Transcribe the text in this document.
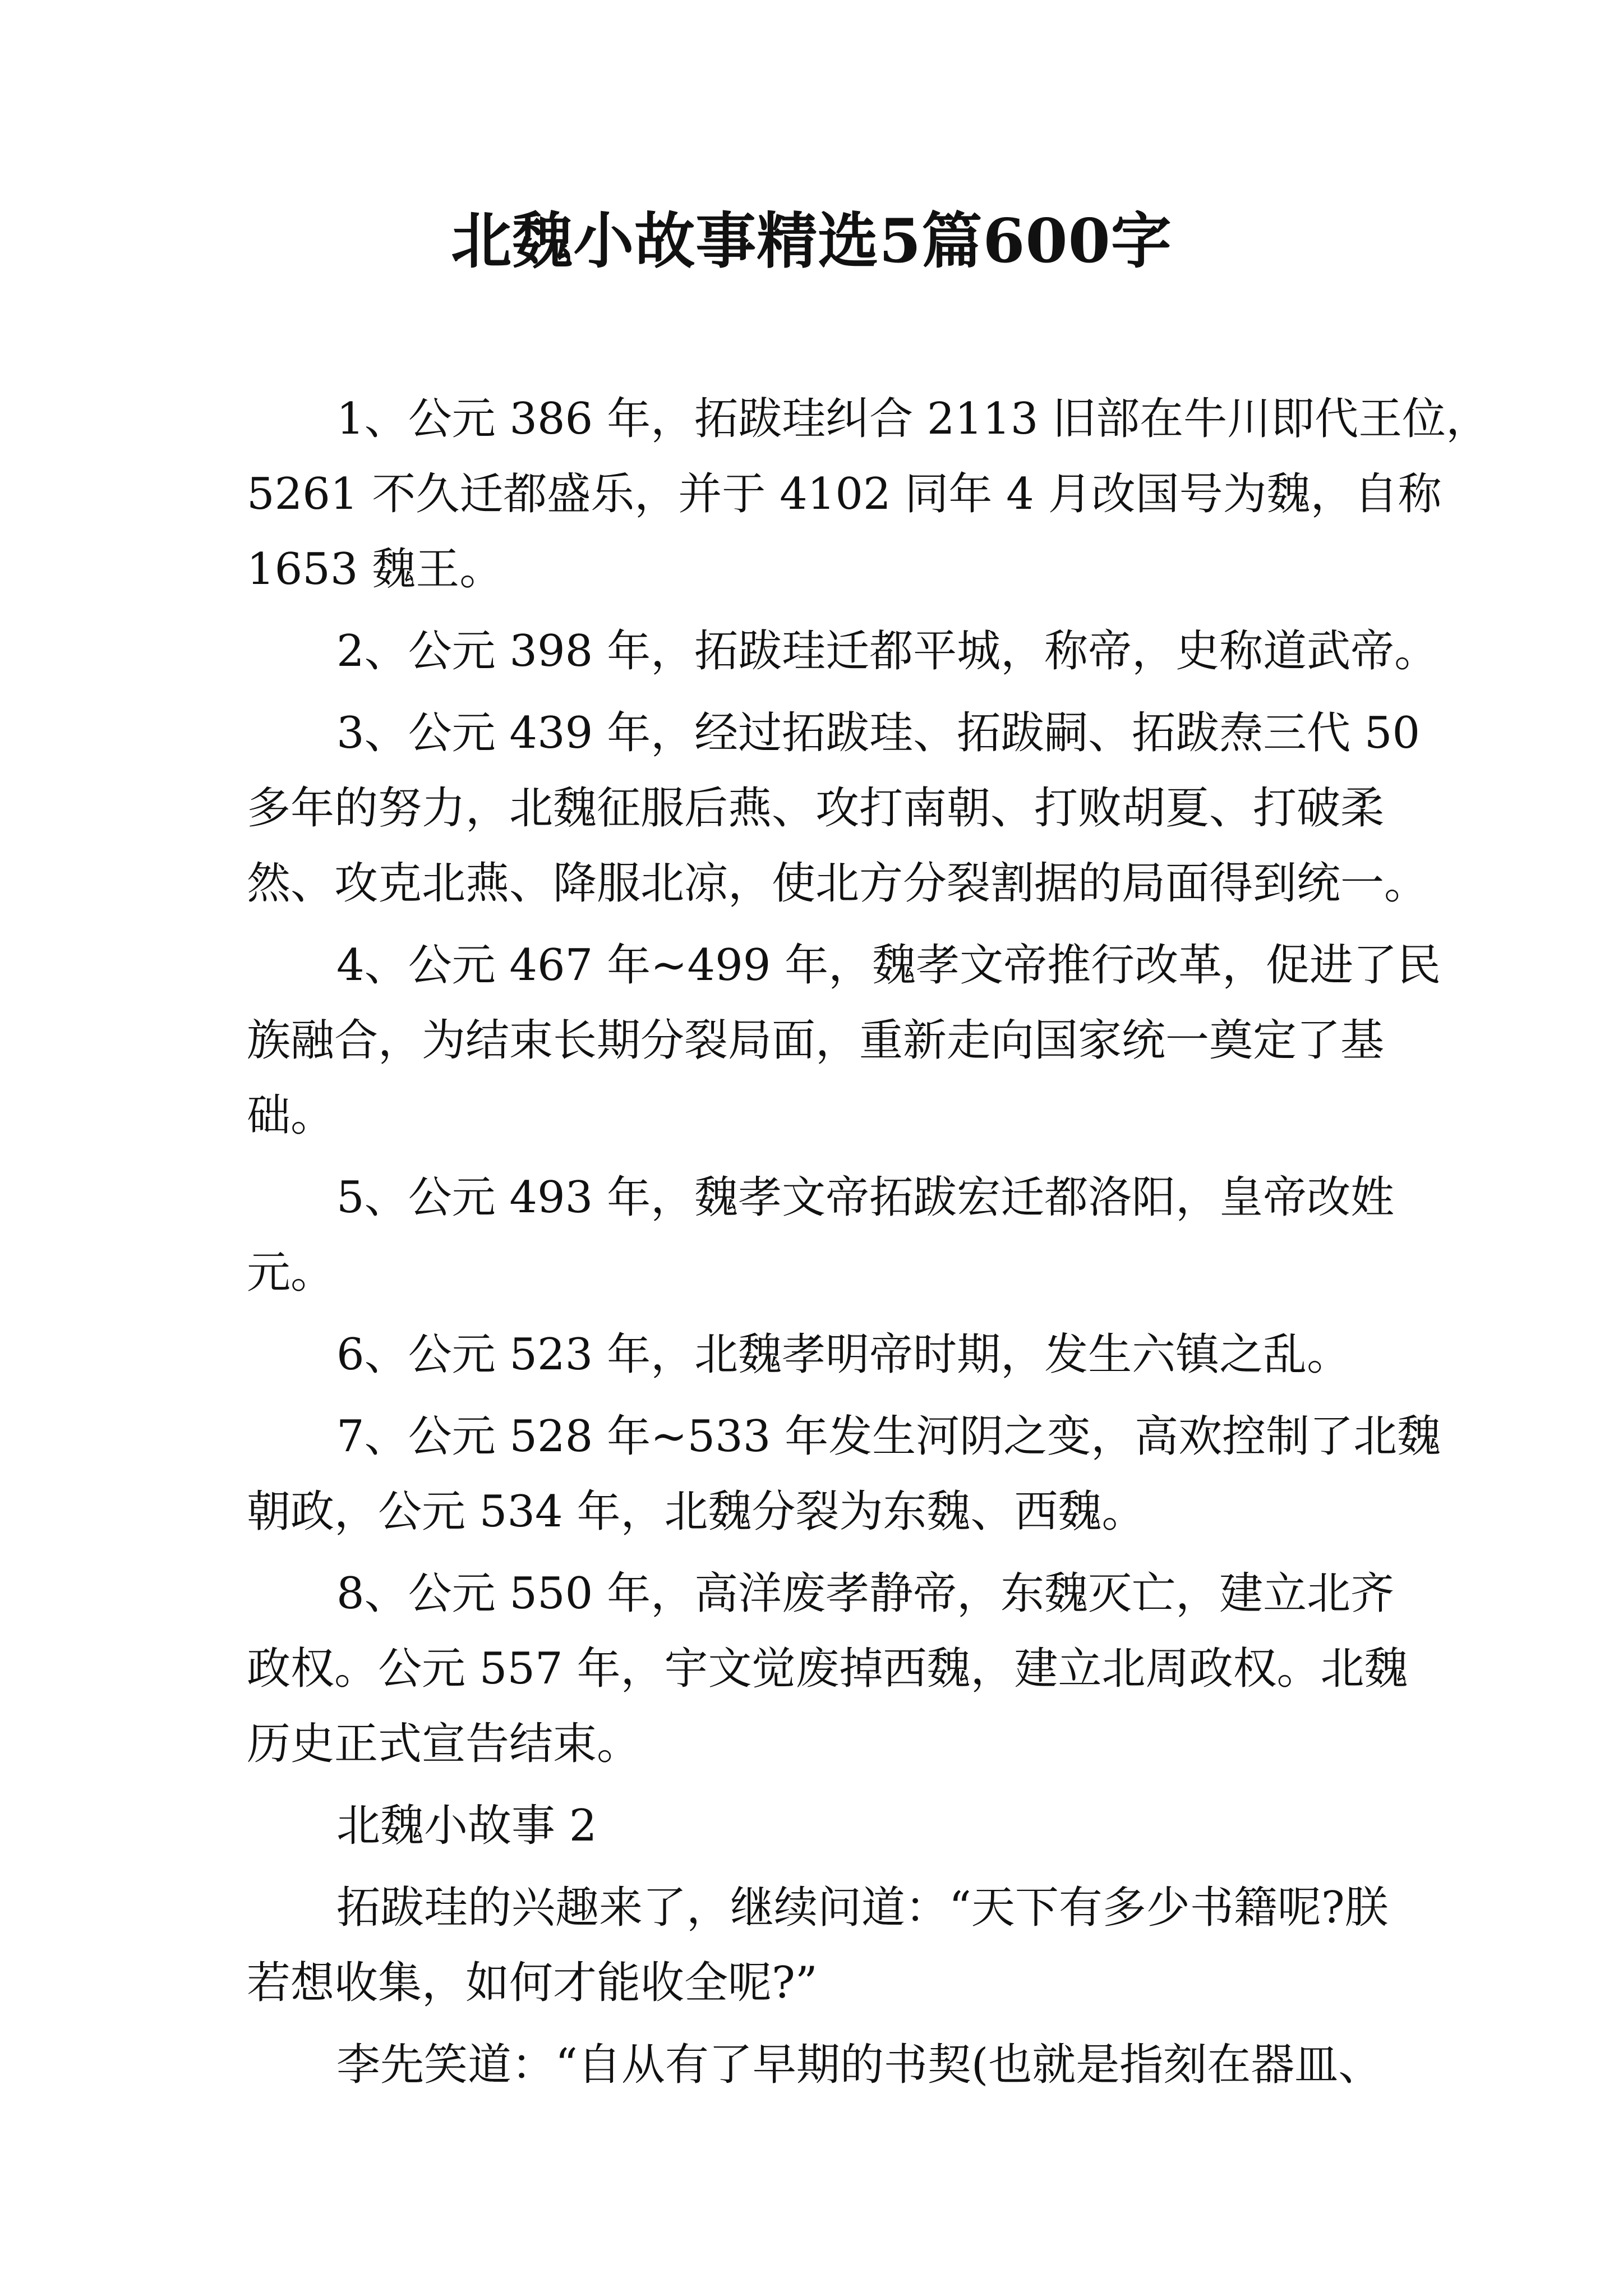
北魏小故事精选5篇600字
1、公元 386 年，拓跋珪纠合 2113 旧部在牛川即代王位，
5261 不久迁都盛乐，并于 4102 同年 4 月改国号为魏，自称
1653 魏王。
2、公元 398 年，拓跋珪迁都平城，称帝，史称道武帝。
3、公元 439 年，经过拓跋珪、拓跋嗣、拓跋焘三代 50
多年的努力，北魏征服后燕、攻打南朝、打败胡夏、打破柔
然、攻克北燕、降服北凉，使北方分裂割据的局面得到统一。
4、公元 467 年~499 年，魏孝文帝推行改革，促进了民
族融合，为结束长期分裂局面，重新走向国家统一奠定了基
础。
5、公元 493 年，魏孝文帝拓跋宏迁都洛阳，皇帝改姓
元。
6、公元 523 年，北魏孝明帝时期，发生六镇之乱。
7、公元 528 年~533 年发生河阴之变，高欢控制了北魏
朝政，公元 534 年，北魏分裂为东魏、西魏。
8、公元 550 年，高洋废孝静帝，东魏灭亡，建立北齐
政权。公元 557 年，宇文觉废掉西魏，建立北周政权。北魏
历史正式宣告结束。
北魏小故事 2
拓跋珪的兴趣来了，继续问道：“天下有多少书籍呢?朕
若想收集，如何才能收全呢?”
李先笑道：“自从有了早期的书契(也就是指刻在器皿、
